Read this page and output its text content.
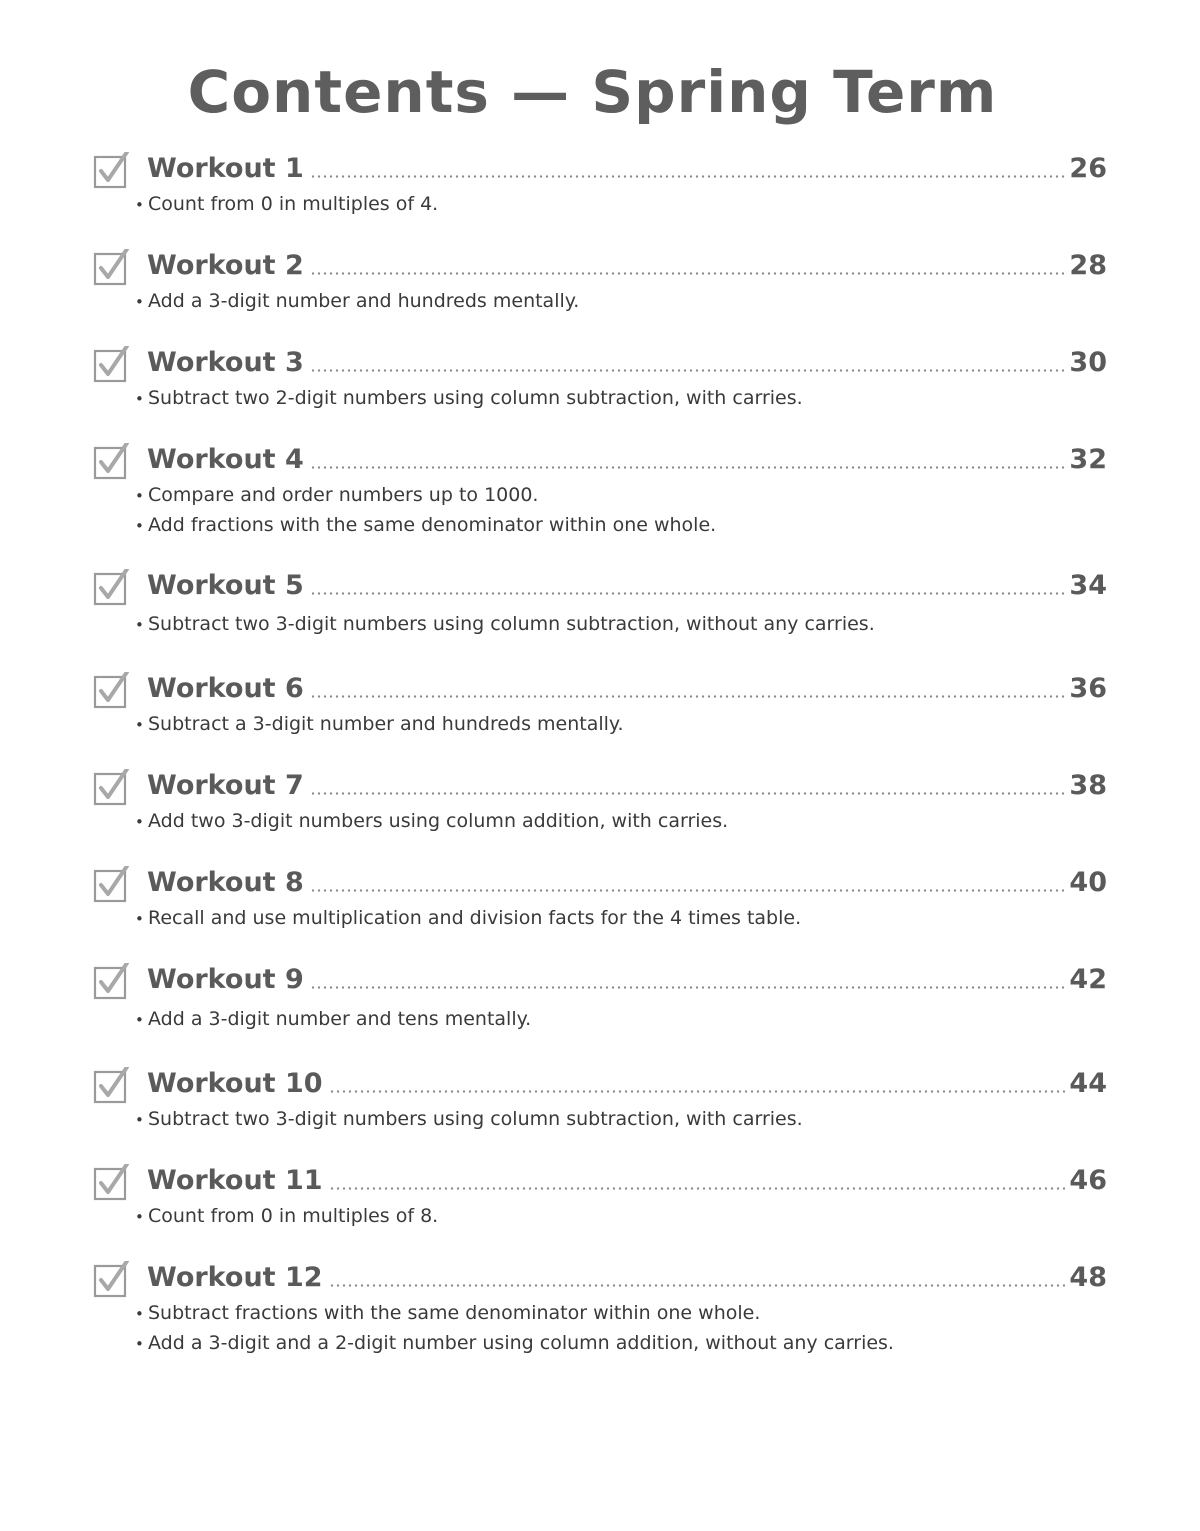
Contents — Spring Term
Workout 1	26
• Count from 0 in multiples of 4.
Workout 2	28
• Add a 3-digit number and hundreds mentally.
Workout 3	30
• Subtract two 2-digit numbers using column subtraction, with carries.
Workout 4	32
• Compare and order numbers up to 1000.
• Add fractions with the same denominator within one whole.
Workout 5	34
• Subtract two 3-digit numbers using column subtraction, without any carries.
Workout 6	36
• Subtract a 3-digit number and hundreds mentally.
Workout 7	38
• Add two 3-digit numbers using column addition, with carries.
Workout 8	40
• Recall and use multiplication and division facts for the 4 times table.
Workout 9	42
• Add a 3-digit number and tens mentally.
Workout 10	44
• Subtract two 3-digit numbers using column subtraction, with carries.
Workout 11	46
• Count from 0 in multiples of 8.
Workout 12	48
• Subtract fractions with the same denominator within one whole.
• Add a 3-digit and a 2-digit number using column addition, without any carries.
